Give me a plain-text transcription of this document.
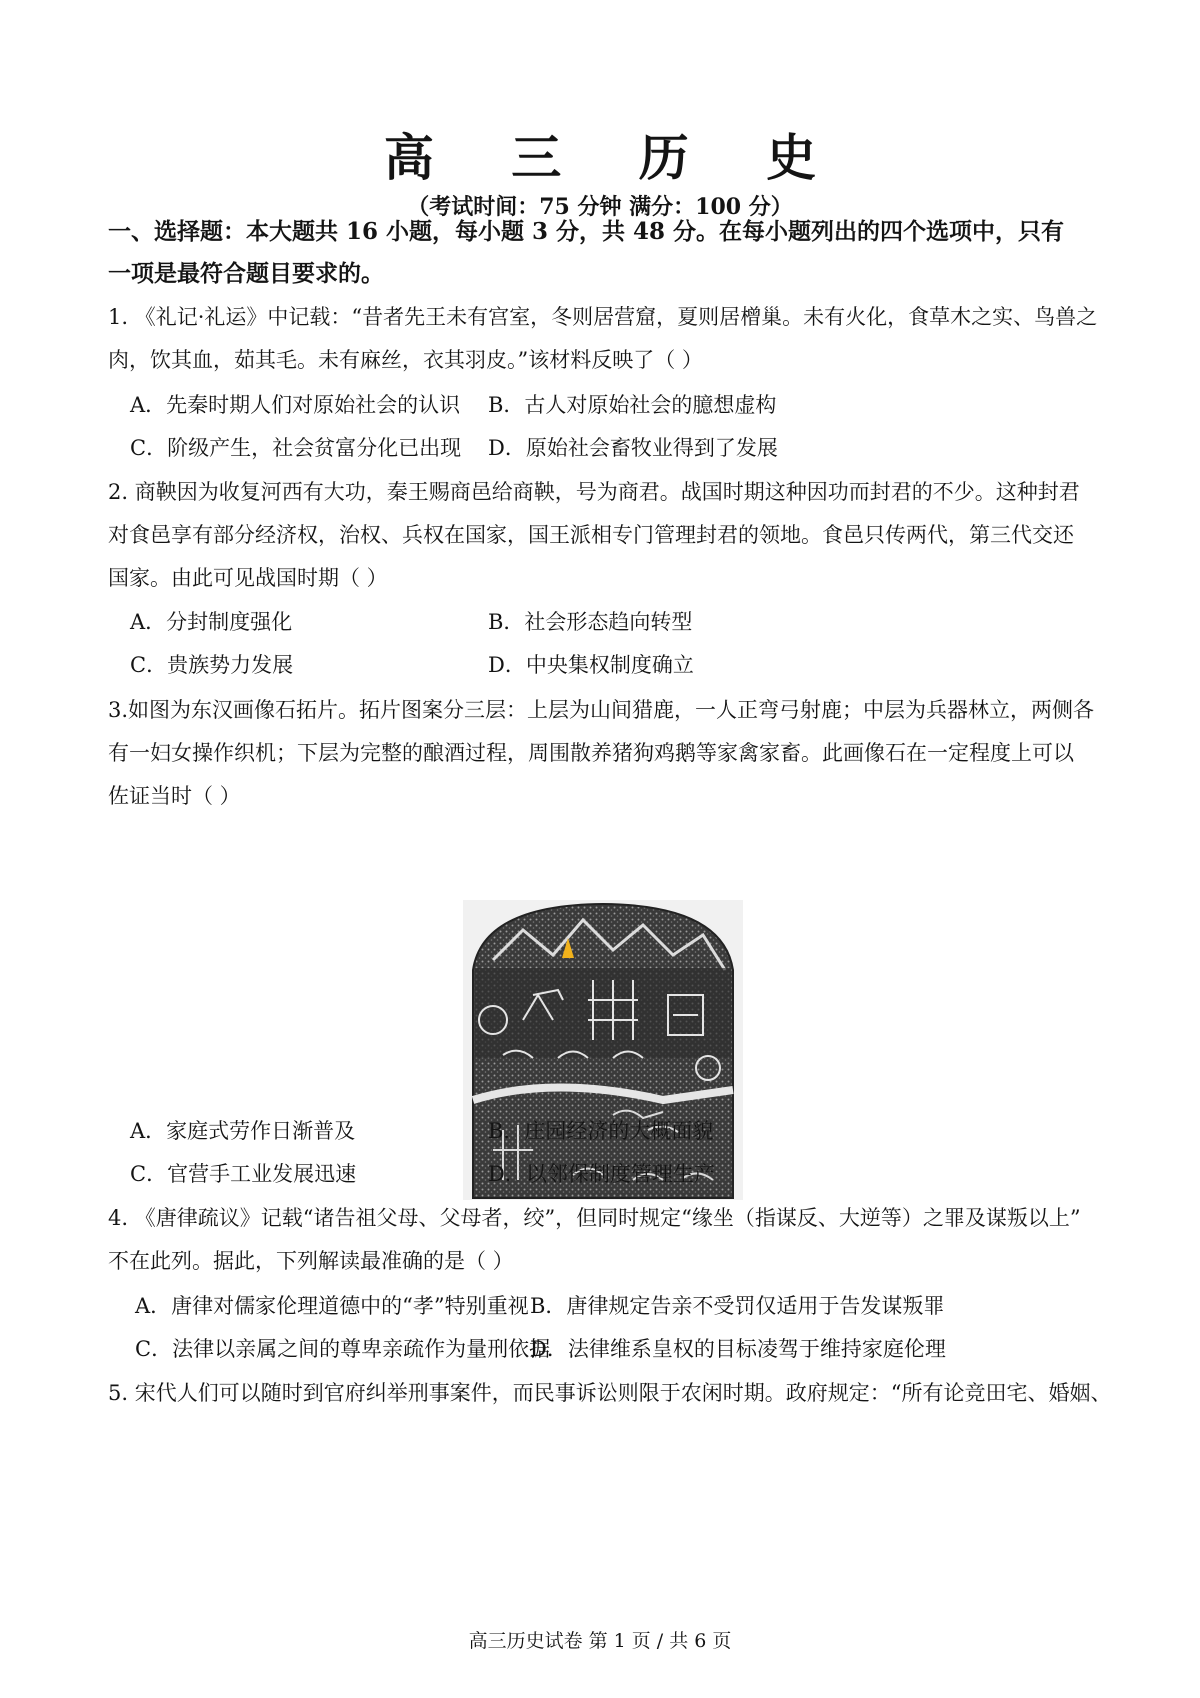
高 三 历 史
（考试时间：75 分钟 满分：100 分）
一、选择题：本大题共 16 小题，每小题 3 分，共 48 分。在每小题列出的四个选项中，只有
一项是最符合题目要求的。
1. 《礼记·礼运》中记载：“昔者先王未有宫室，冬则居营窟，夏则居橧巢。未有火化，食草木之实、鸟兽之
肉，饮其血，茹其毛。未有麻丝，衣其羽皮。”该材料反映了（ ）
A．先秦时期人们对原始社会的认识 B．古人对原始社会的臆想虚构
C．阶级产生，社会贫富分化已出现 D．原始社会畜牧业得到了发展
2. 商鞅因为收复河西有大功，秦王赐商邑给商鞅，号为商君。战国时期这种因功而封君的不少。这种封君
对食邑享有部分经济权，治权、兵权在国家，国王派相专门管理封君的领地。食邑只传两代，第三代交还
国家。由此可见战国时期（ ）
A．分封制度强化	B．社会形态趋向转型
C．贵族势力发展	D．中央集权制度确立
3.如图为东汉画像石拓片。拓片图案分三层：上层为山间猎鹿，一人正弯弓射鹿；中层为兵器林立，两侧各
有一妇女操作织机；下层为完整的酿酒过程，周围散养猪狗鸡鹅等家禽家畜。此画像石在一定程度上可以
佐证当时（ ）
A．家庭式劳作日渐普及	B．庄园经济的大概面貌
C．官营手工业发展迅速	D．以邻保制度管理生产
4. 《唐律疏议》记载“诸告祖父母、父母者，绞”，但同时规定“缘坐（指谋反、大逆等）之罪及谋叛以上”
不在此列。据此，下列解读最准确的是（ ）
A．唐律对儒家伦理道德中的“孝”特别重视 B．唐律规定告亲不受罚仅适用于告发谋叛罪
C．法律以亲属之间的尊卑亲疏作为量刑依据
D．法律维系皇权的目标凌驾于维持家庭伦理
5. 宋代人们可以随时到官府纠举刑事案件，而民事诉讼则限于农闲时期。政府规定：“所有论竞田宅、婚姻、
高三历史试卷 第 1 页 / 共 6 页
